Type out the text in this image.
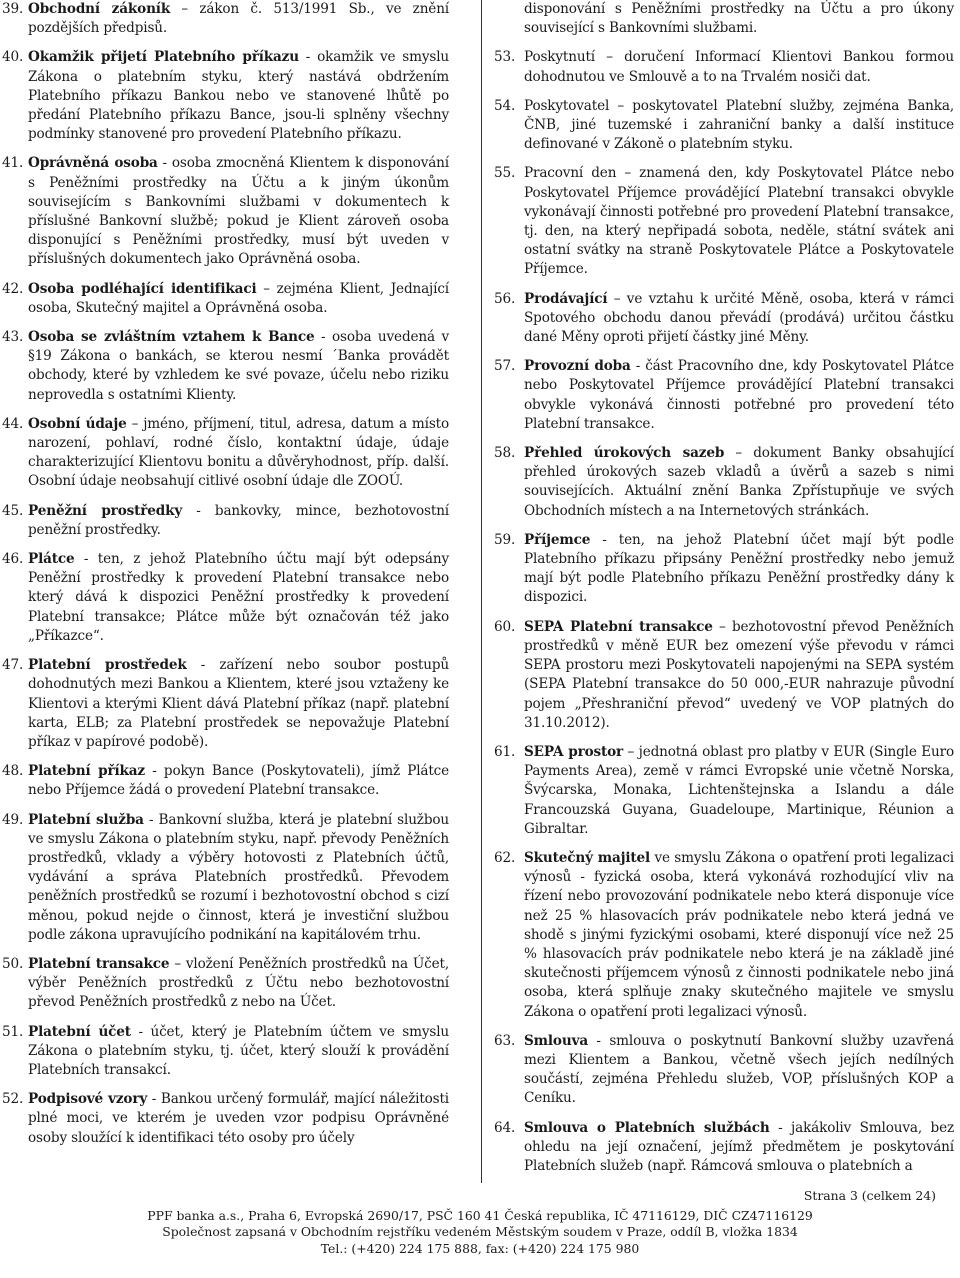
39. Obchodní zákoník – zákon č. 513/1991 Sb., ve znění pozdějších předpisů.

40. Okamžik přijetí Platebního příkazu - okamžik ve smyslu Zákona o platebním styku, který nastává obdržením Platebního příkazu Bankou nebo ve stanovené lhůtě po předání Platebního příkazu Bance, jsou-li splněny všechny podmínky stanovené pro provedení Platebního příkazu.

41. Oprávněná osoba - osoba zmocněná Klientem k disponování s Peněžními prostředky na Účtu a k jiným úkonům souvisejícím s Bankovními službami v dokumentech k příslušné Bankovní službě; pokud je Klient zároveň osoba disponující s Peněžními prostředky, musí být uveden v příslušných dokumentech jako Oprávněná osoba.

42. Osoba podléhající identifikaci – zejména Klient, Jednající osoba, Skutečný majitel a Oprávněná osoba.

43. Osoba se zvláštním vztahem k Bance - osoba uvedená v §19 Zákona o bankách, se kterou nesmí ´Banka provádět obchody, které by vzhledem ke své povaze, účelu nebo riziku neprovedla s ostatními Klienty.

44. Osobní údaje – jméno, příjmení, titul, adresa, datum a místo narození, pohlaví, rodné číslo, kontaktní údaje, údaje charakterizující Klientovu bonitu a důvěryhodnost, příp. další. Osobní údaje neobsahují citlivé osobní údaje dle ZOOÚ.

45. Peněžní prostředky - bankovky, mince, bezhotovostní peněžní prostředky.

46. Plátce - ten, z jehož Platebního účtu mají být odepsány Peněžní prostředky k provedení Platební transakce nebo který dává k dispozici Peněžní prostředky k provedení Platební transakce; Plátce může být označován též jako „Příkazce“.

47. Platební prostředek - zařízení nebo soubor postupů dohodnutých mezi Bankou a Klientem, které jsou vztaženy ke Klientovi a kterými Klient dává Platební příkaz (např. platební karta, ELB; za Platební prostředek se nepovažuje Platební příkaz v papírové podobě).

48. Platební příkaz - pokyn Bance (Poskytovateli), jímž Plátce nebo Příjemce žádá o provedení Platební transakce.

49. Platební služba - Bankovní služba, která je platební službou ve smyslu Zákona o platebním styku, např. převody Peněžních prostředků, vklady a výběry hotovosti z Platebních účtů, vydávání a správa Platebních prostředků. Převodem peněžních prostředků se rozumí i bezhotovostní obchod s cizí měnou, pokud nejde o činnost, která je investiční službou podle zákona upravujícího podnikání na kapitálovém trhu.

50. Platební transakce – vložení Peněžních prostředků na Účet, výběr Peněžních prostředků z Účtu nebo bezhotovostní převod Peněžních prostředků z nebo na Účet.

51. Platební účet - účet, který je Platebním účtem ve smyslu Zákona o platebním styku, tj. účet, který slouží k provádění Platebních transakcí.

52. Podpisové vzory - Bankou určený formulář, mající náležitosti plné moci, ve kterém je uveden vzor podpisu Oprávněné osoby sloužící k identifikaci této osoby pro účely

disponování s Peněžními prostředky na Účtu a pro úkony související s Bankovními službami.

53. Poskytnutí – doručení Informací Klientovi Bankou formou dohodnutou ve Smlouvě a to na Trvalém nosiči dat.

54. Poskytovatel – poskytovatel Platební služby, zejména Banka, ČNB, jiné tuzemské i zahraniční banky a další instituce definované v Zákoně o platebním styku.

55. Pracovní den – znamená den, kdy Poskytovatel Plátce nebo Poskytovatel Příjemce provádějící Platební transakci obvykle vykonávají činnosti potřebné pro provedení Platební transakce, tj. den, na který nepřipadá sobota, neděle, státní svátek ani ostatní svátky na straně Poskytovatele Plátce a Poskytovatele Příjemce.

56. Prodávající – ve vztahu k určité Měně, osoba, která v rámci Spotového obchodu danou převádí (prodává) určitou částku dané Měny oproti přijetí částky jiné Měny.

57. Provozní doba - část Pracovního dne, kdy Poskytovatel Plátce nebo Poskytovatel Příjemce provádějící Platební transakci obvykle vykonává činnosti potřebné pro provedení této Platební transakce.

58. Přehled úrokových sazeb – dokument Banky obsahující přehled úrokových sazeb vkladů a úvěrů a sazeb s nimi souvisejících. Aktuální znění Banka Zpřístupňuje ve svých Obchodních místech a na Internetových stránkách.

59. Příjemce - ten, na jehož Platební účet mají být podle Platebního příkazu připsány Peněžní prostředky nebo jemuž mají být podle Platebního příkazu Peněžní prostředky dány k dispozici.

60. SEPA Platební transakce – bezhotovostní převod Peněžních prostředků v měně EUR bez omezení výše převodu v rámci SEPA prostoru mezi Poskytovateli napojenými na SEPA systém (SEPA Platební transakce do 50 000,-EUR nahrazuje původní pojem „Přeshraniční převod“ uvedený ve VOP platných do 31.10.2012).

61. SEPA prostor – jednotná oblast pro platby v EUR (Single Euro Payments Area), země v rámci Evropské unie včetně Norska, Švýcarska, Monaka, Lichtenštejnska a Islandu a dále Francouzská Guyana, Guadeloupe, Martinique, Réunion a Gibraltar.

62. Skutečný majitel ve smyslu Zákona o opatření proti legalizaci výnosů - fyzická osoba, která vykonává rozhodující vliv na řízení nebo provozování podnikatele nebo která disponuje více než 25 % hlasovacích práv podnikatele nebo která jedná ve shodě s jinými fyzickými osobami, které disponují více než 25 % hlasovacích práv podnikatele nebo která je na základě jiné skutečnosti příjemcem výnosů z činnosti podnikatele nebo jiná osoba, která splňuje znaky skutečného majitele ve smyslu Zákona o opatření proti legalizaci výnosů.

63. Smlouva - smlouva o poskytnutí Bankovní služby uzavřená mezi Klientem a Bankou, včetně všech jejích nedílných součástí, zejména Přehledu služeb, VOP, příslušných KOP a Ceníku.

64. Smlouva o Platebních službách - jakákoliv Smlouva, bez ohledu na její označení, jejímž předmětem je poskytování Platebních služeb (např. Rámcová smlouva o platebních a

Strana 3 (celkem 24)
PPF banka a.s., Praha 6, Evropská 2690/17, PSČ 160 41 Česká republika, IČ 47116129, DIČ CZ47116129
Společnost zapsaná v Obchodním rejstříku vedeném Městským soudem v Praze, oddíl B, vložka 1834
Tel.: (+420) 224 175 888, fax: (+420) 224 175 980
